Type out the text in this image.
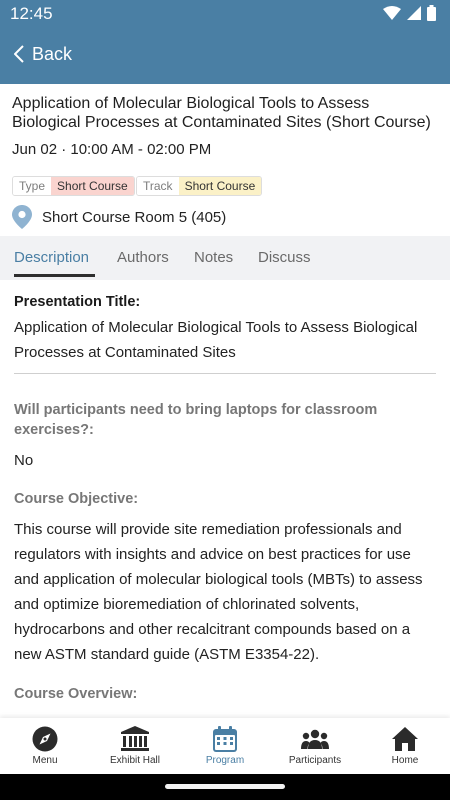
12:45
Back
Application of Molecular Biological Tools to Assess Biological Processes at Contaminated Sites (Short Course)
Jun 02 · 10:00 AM - 02:00 PM
Type	Short Course	Track	Short Course
Short Course Room 5 (405)
Description Authors Notes Discuss
Presentation Title:
Application of Molecular Biological Tools to Assess Biological Processes at Contaminated Sites
Will participants need to bring laptops for classroom exercises?:
No
Course Objective:
This course will provide site remediation professionals and regulators with insights and advice on best practices for use and application of molecular biological tools (MBTs) to assess and optimize bioremediation of chlorinated solvents, hydrocarbons and other recalcitrant compounds based on a new ASTM standard guide (ASTM E3354-22).
Course Overview:
Menu	Exhibit Hall	Program	Participants	Home
